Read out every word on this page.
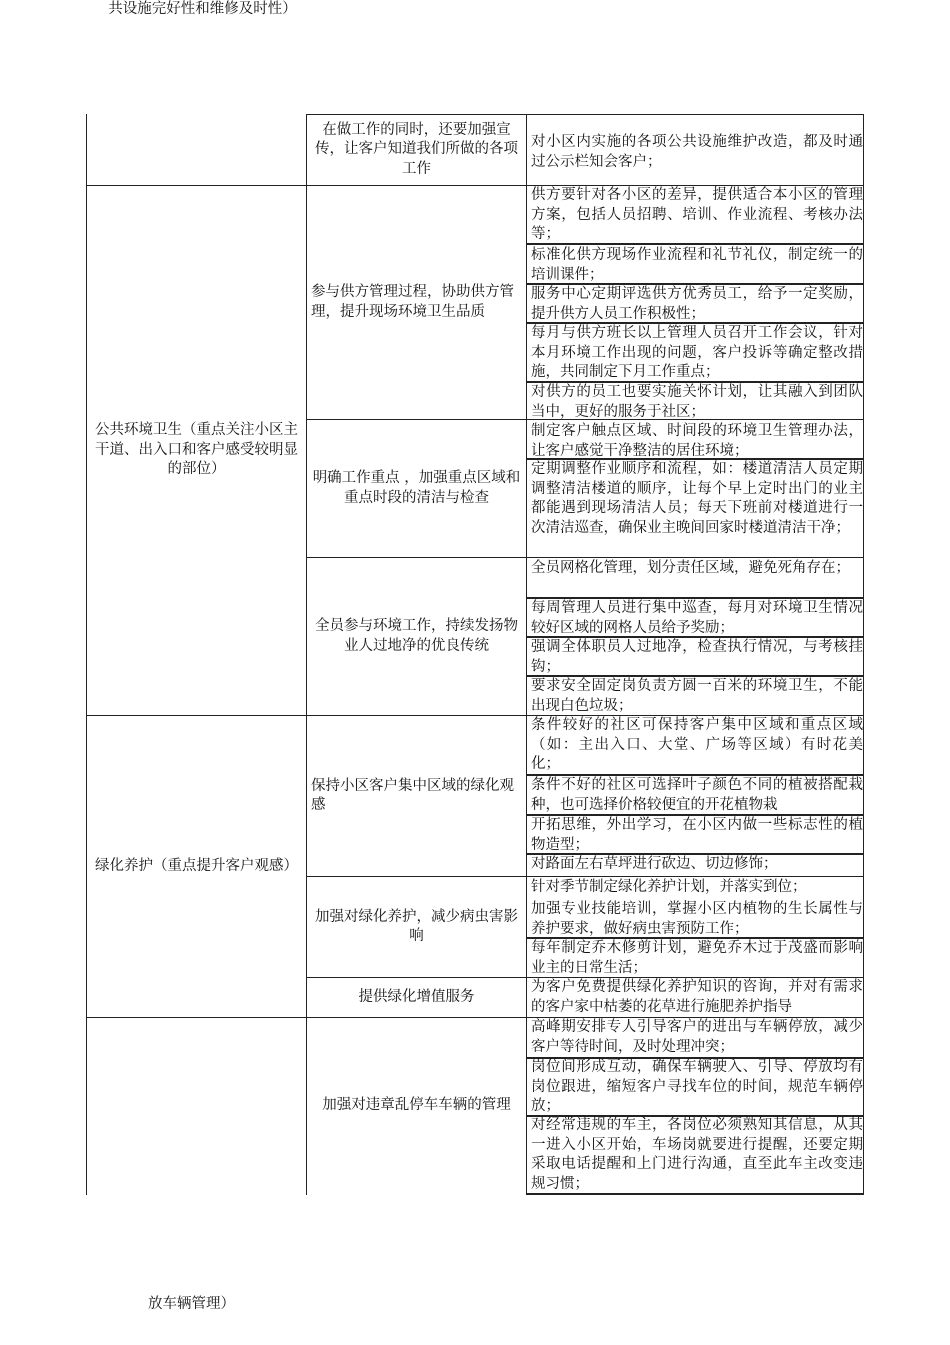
共设施完好性和维修及时性）
放车辆管理）
公共环境卫生（重点关注小区主干道、出入口和客户感受较明显的部位）
绿化养护（重点提升客户观感）
在做工作的同时，还要加强宣传，让客户知道我们所做的各项工作
参与供方管理过程，协助供方管理，提升现场环境卫生品质
明确工作重点 ，加强重点区域和重点时段的清洁与检查
全员参与环境工作，持续发扬物业人过地净的优良传统
保持小区客户集中区域的绿化观感
加强对绿化养护，减少病虫害影响
提供绿化增值服务
加强对违章乱停车车辆的管理
对小区内实施的各项公共设施维护改造，都及时通过公示栏知会客户；
供方要针对各小区的差异，提供适合本小区的管理方案，包括人员招聘、培训、作业流程、考核办法等；
标准化供方现场作业流程和礼节礼仪，制定统一的培训课件；
服务中心定期评选供方优秀员工，给予一定奖励，提升供方人员工作积极性；
每月与供方班长以上管理人员召开工作会议，针对本月环境工作出现的问题，客户投诉等确定整改措施，共同制定下月工作重点；
对供方的员工也要实施关怀计划，让其融入到团队当中，更好的服务于社区；
制定客户触点区域、时间段的环境卫生管理办法，让客户感觉干净整洁的居住环境；
定期调整作业顺序和流程，如：楼道清洁人员定期调整清洁楼道的顺序，让每个早上定时出门的业主都能遇到现场清洁人员；每天下班前对楼道进行一次清洁巡查，确保业主晚间回家时楼道清洁干净；
全员网格化管理，划分责任区域，避免死角存在；
每周管理人员进行集中巡查，每月对环境卫生情况较好区域的网格人员给予奖励；
强调全体职员人过地净，检查执行情况，与考核挂钩；
要求安全固定岗负责方圆一百米的环境卫生，不能出现白色垃圾；
条件较好的社区可保持客户集中区域和重点区域（如：主出入口、大堂、广场等区域）有时花美化；
条件不好的社区可选择叶子颜色不同的植被搭配栽种，也可选择价格较便宜的开花植物栽
开拓思维，外出学习，在小区内做一些标志性的植物造型；
对路面左右草坪进行砍边、切边修饰；
针对季节制定绿化养护计划，并落实到位；
加强专业技能培训，掌握小区内植物的生长属性与养护要求，做好病虫害预防工作；
每年制定乔木修剪计划，避免乔木过于茂盛而影响业主的日常生活；
为客户免费提供绿化养护知识的咨询，并对有需求的客户家中枯萎的花草进行施肥养护指导
高峰期安排专人引导客户的进出与车辆停放，减少客户等待时间，及时处理冲突；
岗位间形成互动，确保车辆驶入、引导、停放均有岗位跟进，缩短客户寻找车位的时间，规范车辆停放；
对经常违规的车主，各岗位必须熟知其信息，从其一进入小区开始，车场岗就要进行提醒，还要定期采取电话提醒和上门进行沟通，直至此车主改变违规习惯；
